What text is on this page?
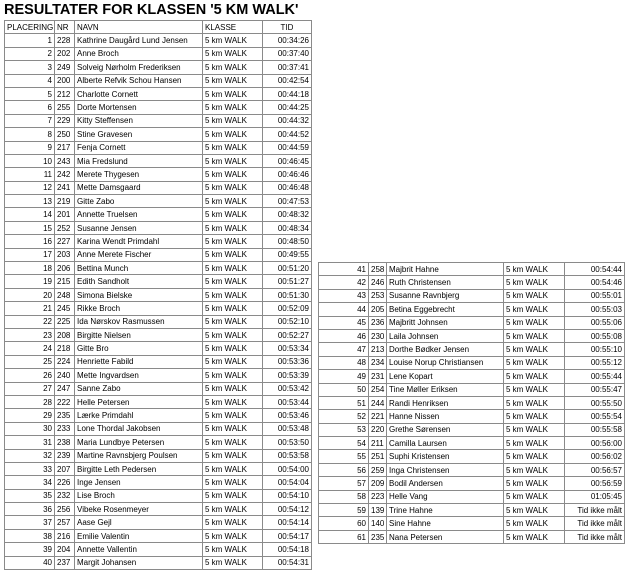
RESULTATER FOR KLASSEN '5 KM WALK'
PLACERING	NR	NAVN	KLASSE	TID
1	228	Kathrine Daugård Lund Jensen	5 km WALK	00:34:26
2	202	Anne Broch	5 km WALK	00:37:40
3	249	Solveig Nørholm Frederiksen	5 km WALK	00:37:41
4	200	Alberte Refvik Schou Hansen	5 km WALK	00:42:54
5	212	Charlotte Cornett	5 km WALK	00:44:18
6	255	Dorte Mortensen	5 km WALK	00:44:25
7	229	Kitty Steffensen	5 km WALK	00:44:32
8	250	Stine Gravesen	5 km WALK	00:44:52
9	217	Fenja Cornett	5 km WALK	00:44:59
10	243	Mia Fredslund	5 km WALK	00:46:45
11	242	Merete Thygesen	5 km WALK	00:46:46
12	241	Mette Damsgaard	5 km WALK	00:46:48
13	219	Gitte Zabo	5 km WALK	00:47:53
14	201	Annette Truelsen	5 km WALK	00:48:32
15	252	Susanne Jensen	5 km WALK	00:48:34
16	227	Karina Wendt Primdahl	5 km WALK	00:48:50
17	203	Anne Merete Fischer	5 km WALK	00:49:55
18	206	Bettina Munch	5 km WALK	00:51:20
19	215	Edith Sandholt	5 km WALK	00:51:27
20	248	Simona Bielske	5 km WALK	00:51:30
21	245	Rikke Broch	5 km WALK	00:52:09
22	225	Ida Nørskov Rasmussen	5 km WALK	00:52:10
23	208	Birgitte Nielsen	5 km WALK	00:52:27
24	218	Gitte Bro	5 km WALK	00:53:34
25	224	Henriette Fabild	5 km WALK	00:53:36
26	240	Mette Ingvardsen	5 km WALK	00:53:39
27	247	Sanne Zabo	5 km WALK	00:53:42
28	222	Helle Petersen	5 km WALK	00:53:44
29	235	Lærke Primdahl	5 km WALK	00:53:46
30	233	Lone Thordal Jakobsen	5 km WALK	00:53:48
31	238	Maria Lundbye Petersen	5 km WALK	00:53:50
32	239	Martine Ravnsbjerg Poulsen	5 km WALK	00:53:58
33	207	Birgitte Leth Pedersen	5 km WALK	00:54:00
34	226	Inge Jensen	5 km WALK	00:54:04
35	232	Lise Broch	5 km WALK	00:54:10
36	256	Vibeke Rosenmeyer	5 km WALK	00:54:12
37	257	Aase Gejl	5 km WALK	00:54:14
38	216	Emilie Valentin	5 km WALK	00:54:17
39	204	Annette Vallentin	5 km WALK	00:54:18
40	237	Margit Johansen	5 km WALK	00:54:31
41	258	Majbrit Hahne	5 km WALK	00:54:44
42	246	Ruth Christensen	5 km WALK	00:54:46
43	253	Susanne Ravnbjerg	5 km WALK	00:55:01
44	205	Betina Eggebrecht	5 km WALK	00:55:03
45	236	Majbritt Johnsen	5 km WALK	00:55:06
46	230	Laila Johnsen	5 km WALK	00:55:08
47	213	Dorthe Bødker Jensen	5 km WALK	00:55:10
48	234	Louise Norup Christiansen	5 km WALK	00:55:12
49	231	Lene Kopart	5 km WALK	00:55:44
50	254	Tine Møller Eriksen	5 km WALK	00:55:47
51	244	Randi Henriksen	5 km WALK	00:55:50
52	221	Hanne Nissen	5 km WALK	00:55:54
53	220	Grethe Sørensen	5 km WALK	00:55:58
54	211	Camilla Laursen	5 km WALK	00:56:00
55	251	Suphi Kristensen	5 km WALK	00:56:02
56	259	Inga Christensen	5 km WALK	00:56:57
57	209	Bodil Andersen	5 km WALK	00:56:59
58	223	Helle Vang	5 km WALK	01:05:45
59	139	Trine Hahne	5 km WALK	Tid ikke målt
60	140	Sine Hahne	5 km WALK	Tid ikke målt
61	235	Nana Petersen	5 km WALK	Tid ikke målt
